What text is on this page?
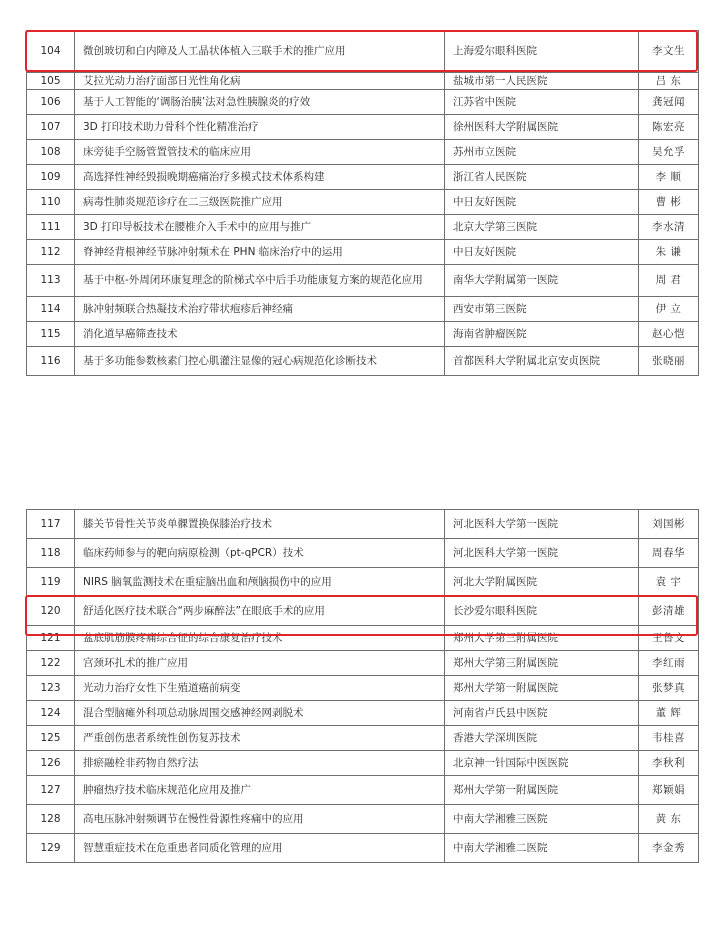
104	微创玻切和白内障及人工晶状体植入三联手术的推广应用	上海爱尔眼科医院	李文生
105	艾拉光动力治疗面部日光性角化病	盐城市第一人民医院	吕 东
106	基于人工智能的‘调肠治胰’法对急性胰腺炎的疗效	江苏省中医院	龚冠闻
107	3D 打印技术助力骨科个性化精准治疗	徐州医科大学附属医院	陈宏亮
108	床旁徒手空肠管置管技术的临床应用	苏州市立医院	吴允孚
109	高选择性神经毁损晚期癌痛治疗多模式技术体系构建	浙江省人民医院	李 顺
110	病毒性肺炎规范诊疗在二三级医院推广应用	中日友好医院	曹 彬
111	3D 打印导板技术在腰椎介入手术中的应用与推广	北京大学第三医院	李水清
112	脊神经背根神经节脉冲射频术在 PHN 临床治疗中的运用	中日友好医院	朱 谦
113	基于中枢-外周闭环康复理念的阶梯式卒中后手功能康复方案的规范化应用	南华大学附属第一医院	周 君
114	脉冲射频联合热凝技术治疗带状疱疹后神经痛	西安市第三医院	伊 立
115	消化道早癌筛查技术	海南省肿瘤医院	赵心恺
116	基于多功能参数核素门控心肌灌注显像的冠心病规范化诊断技术	首都医科大学附属北京安贞医院	张晓丽
117	膝关节骨性关节炎单髁置换保膝治疗技术	河北医科大学第一医院	刘国彬
118	临床药师参与的靶向病原检测（pt-qPCR）技术	河北医科大学第一医院	周春华
119	NIRS 脑氧监测技术在重症脑出血和颅脑损伤中的应用	河北大学附属医院	袁 宇
120	舒适化医疗技术联合“两步麻醉法”在眼底手术的应用	长沙爱尔眼科医院	彭清雄
121	盆底肌筋膜疼痛综合征的综合康复治疗技术	郑州大学第三附属医院	王鲁文
122	宫颈环扎术的推广应用	郑州大学第三附属医院	李红雨
123	光动力治疗女性下生殖道癌前病变	郑州大学第一附属医院	张梦真
124	混合型脑瘫外科项总动脉周围交感神经网剥脱术	河南省卢氏县中医院	董 辉
125	严重创伤患者系统性创伤复苏技术	香港大学深圳医院	韦桂喜
126	排瘀融栓非药物自然疗法	北京神一针国际中医医院	李秋利
127	肿瘤热疗技术临床规范化应用及推广	郑州大学第一附属医院	郑颖娟
128	高电压脉冲射频调节在慢性骨源性疼痛中的应用	中南大学湘雅三医院	黄 东
129	智慧重症技术在危重患者同质化管理的应用	中南大学湘雅二医院	李金秀
